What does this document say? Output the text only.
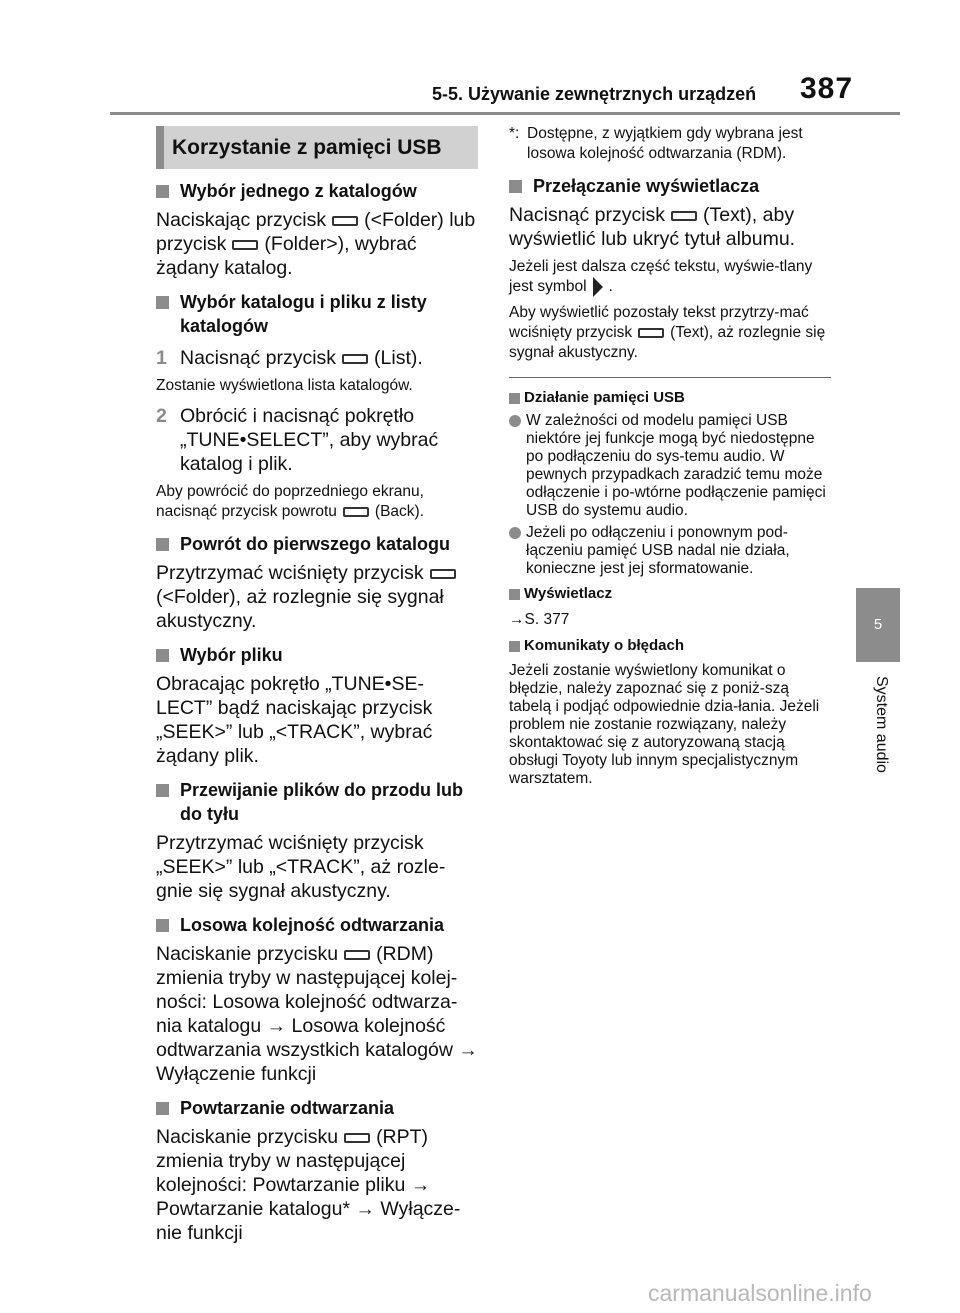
5-5. Używanie zewnętrznych urządzeń 387
5
System audio
Korzystanie z pamięci USB
Wybór jednego z katalogów
Naciskając przycisk (<Folder) lub przycisk (Folder>), wybrać żądany katalog.
Wybór katalogu i pliku z listy katalogów
1 Nacisnąć przycisk (List).
Zostanie wyświetlona lista katalogów.
2 Obrócić i nacisnąć pokrętło „TUNE•SELECT”, aby wybrać katalog i plik.
Aby powrócić do poprzedniego ekranu, nacisnąć przycisk powrotu (Back).
Powrót do pierwszego katalogu
Przytrzymać wciśnięty przycisk(<Folder), aż rozlegnie się sygnał akustyczny.
Wybór pliku
Obracając pokrętło „TUNE•SE-LECT” bądź naciskając przycisk „SEEK>” lub „<TRACK”, wybrać żądany plik.
Przewijanie plików do przodu lub do tyłu
Przytrzymać wciśnięty przycisk „SEEK>” lub „<TRACK”, aż rozle-gnie się sygnał akustyczny.
Losowa kolejność odtwarzania
Naciskanie przycisku (RDM) zmienia tryby w następującej kolej-ności: Losowa kolejność odtwarza-nia katalogu → Losowa kolejność odtwarzania wszystkich katalogów → Wyłączenie funkcji
Powtarzanie odtwarzania
Naciskanie przycisku (RPT) zmienia tryby w następującej kolejności: Powtarzanie pliku → Powtarzanie katalogu* → Wyłącze-nie funkcji
*: Dostępne, z wyjątkiem gdy wybrana jest losowa kolejność odtwarzania (RDM).
Przełączanie wyświetlacza
Nacisnąć przycisk (Text), aby wyświetlić lub ukryć tytuł albumu.
Jeżeli jest dalsza część tekstu, wyświe-tlany jest symbol .
Aby wyświetlić pozostały tekst przytrzy-mać wciśnięty przycisk (Text), aż rozlegnie się sygnał akustyczny.
Działanie pamięci USB
W zależności od modelu pamięci USB niektóre jej funkcje mogą być niedostępne po podłączeniu do sys-temu audio. W pewnych przypadkach zaradzić temu może odłączenie i po-wtórne podłączenie pamięci USB do systemu audio.
Jeżeli po odłączeniu i ponownym pod-łączeniu pamięć USB nadal nie działa, konieczne jest jej sformatowanie.
Wyświetlacz
→S. 377
Komunikaty o błędach
Jeżeli zostanie wyświetlony komunikat o błędzie, należy zapoznać się z poniż-szą tabelą i podjąć odpowiednie dzia-łania. Jeżeli problem nie zostanie rozwiązany, należy skontaktować się z autoryzowaną stacją obsługi Toyoty lub innym specjalistycznym warsztatem.
carmanualsonline.info
